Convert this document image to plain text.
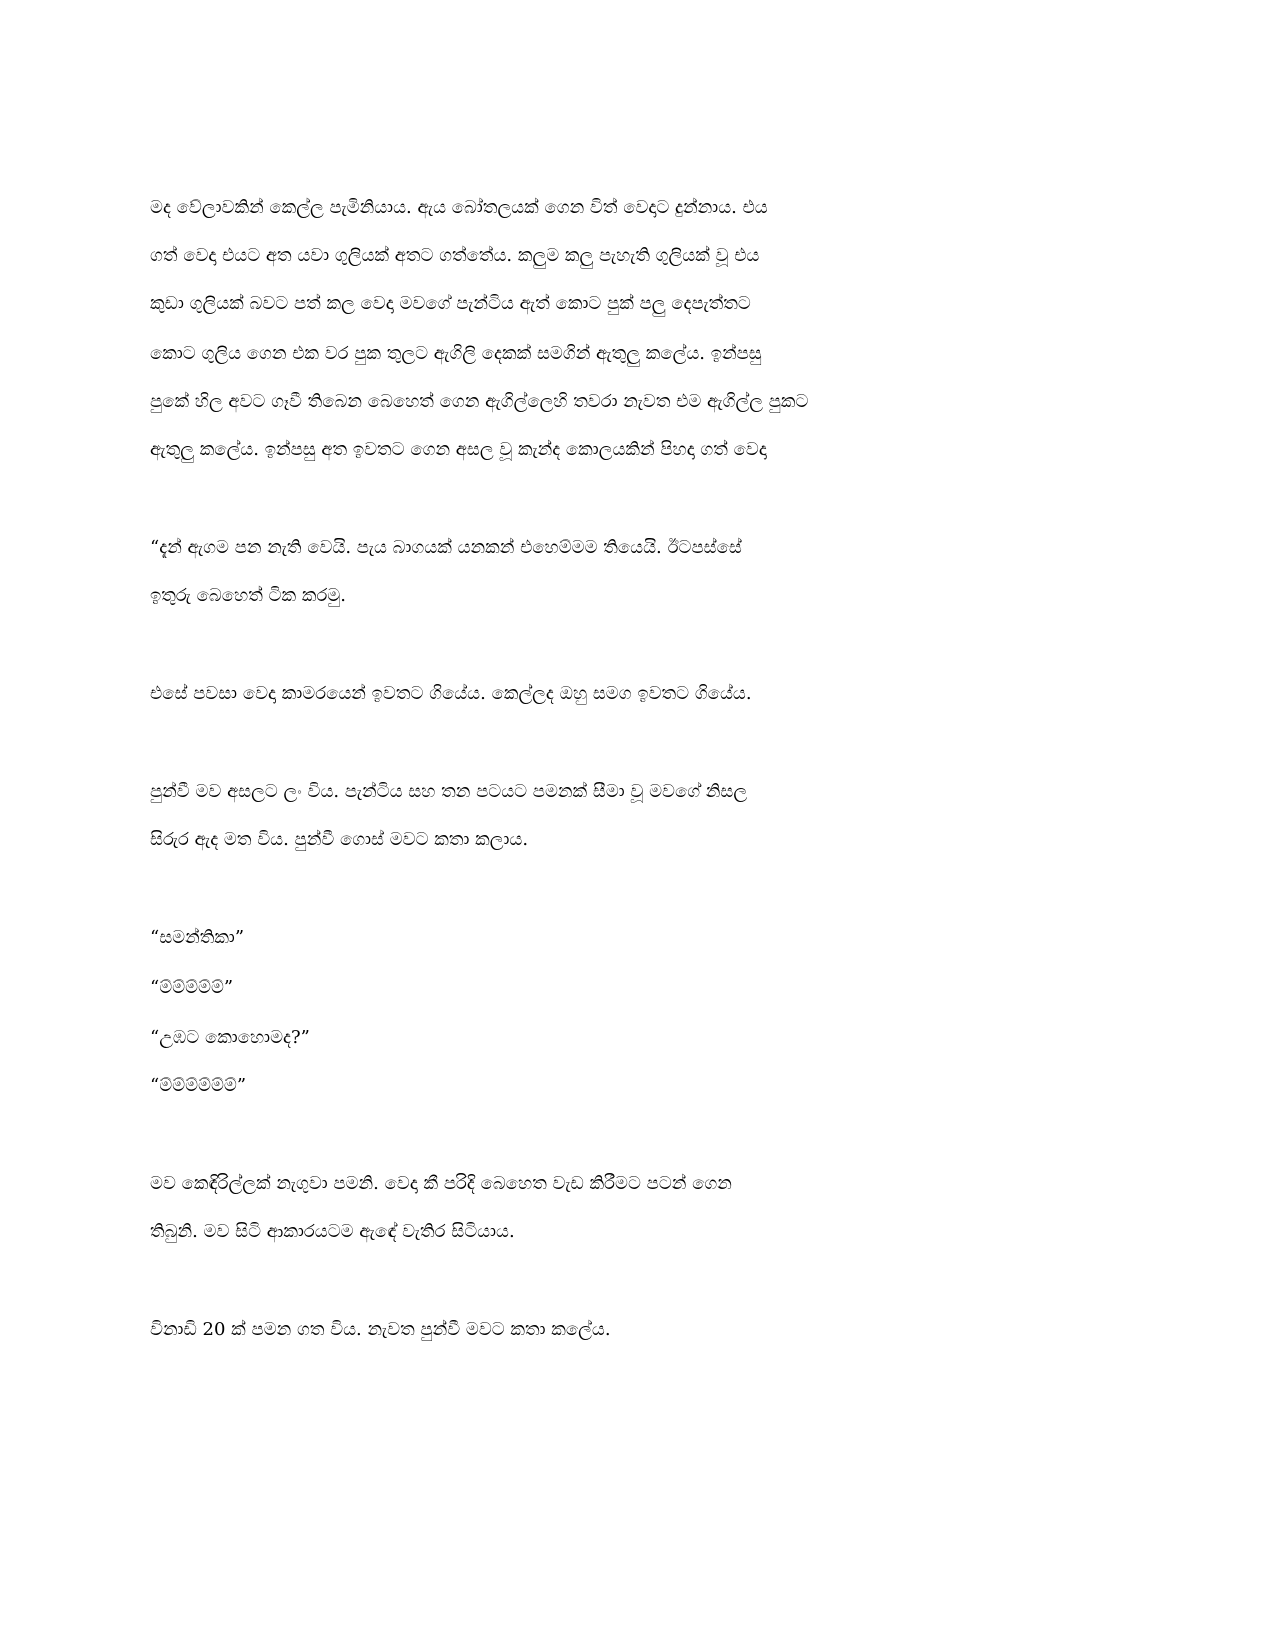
මද වේලාවකින් කෙල්ල පැමිනියාය. ඇය බෝතලයක් ගෙන විත් වෙදාට දුන්නාය. එය

ගත් වෙදා එයට අත යවා ගුලියක් අතට ගත්තේය. කලුම කලු පැහැති ගුලියක් වූ එය

කුඩා ගුලියක් බවට පත් කල වෙදා මවගේ පැන්ටිය ඇත් කොට පුක් පලු දෙපැත්තට

කොට ගුලිය ගෙන එක වර පුක තුලට ඇගිලි දෙකක් සමගින් ඇතුලු කලේය. ඉන්පසු

පුකේ හිල අවට ගෑවී තිබෙන බෙහෙත් ගෙන ඇගිල්ලෙහි තවරා නැවත එම ඇගිල්ල පුකට

ඇතුලු කලේය. ඉන්පසු අත ඉවතට ගෙන අසල වූ කැන්ද කොලයකින් පිහදා ගත් වෙදා

“දැන් ඇගම පන නැති වෙයි. පැය බාගයක් යනකන් එහෙම්මම තියෙයි. ඊටපස්සේ

ඉතුරු බෙහෙත් ටික කරමු.

එසේ පවසා වෙදා කාමරයෙන් ඉවතට ගියේය. කෙල්ලද ඔහු සමග ඉවතට ගියේය.

පුන්වී මව අසලට ලං විය. පැන්ටිය සහ තන පටයට පමනක් සීමා වූ මවගේ නිසල

සිරුර ඇද මත විය. පුන්වී ගොස් මවට කතා කලාය.

“සමන්තිකා”

“ම්ම්ම්ම්ම්”

“උඹට කොහොමද?”

“ම්ම්ම්ම්ම්ම්”

මව කෙඳිරිල්ලක් නැගුවා පමනි. වෙදා කී පරිදි බෙහෙත වැඩ කිරීමට පටන් ගෙන

තිබුනි. මව සිටි ආකාරයටම ඇඳේ වැතිර සිටියාය.

විනාඩි 20 ක් පමන ගත විය. නැවත පුන්වී මවට කතා කලේය.
